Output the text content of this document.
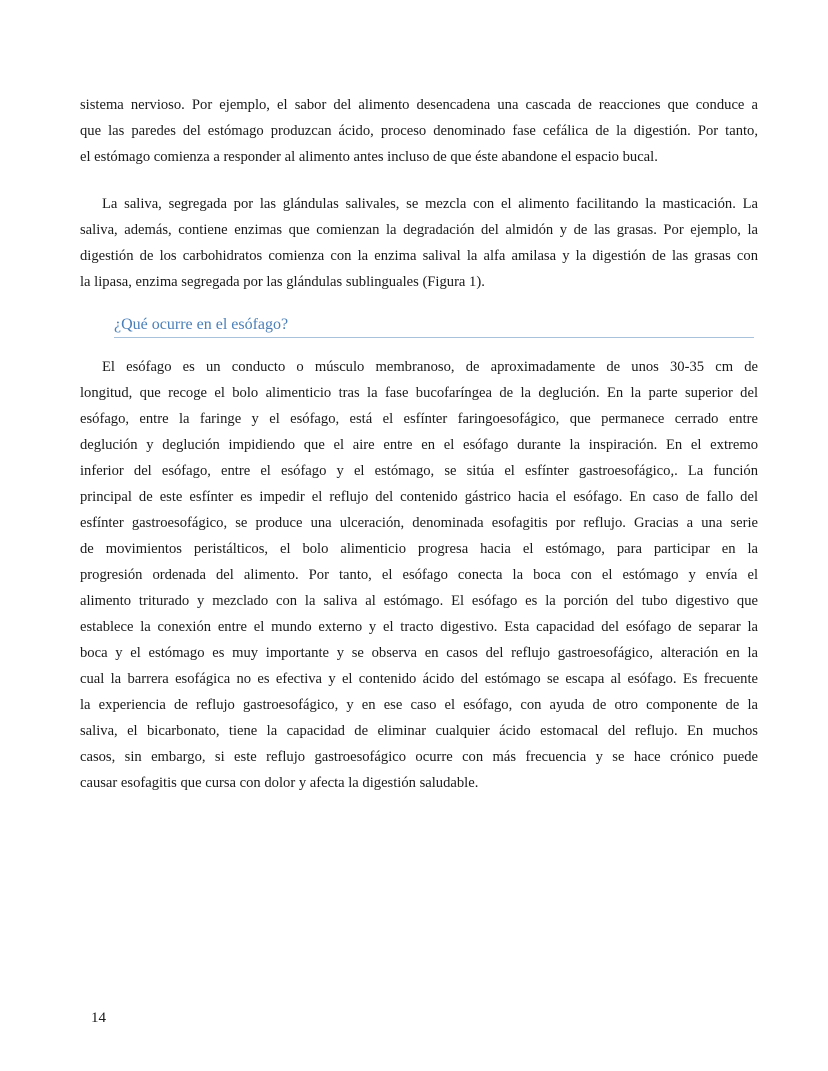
sistema nervioso. Por ejemplo, el sabor del alimento desencadena una cascada de reacciones que conduce a
que las paredes del estómago produzcan ácido, proceso denominado fase cefálica de la digestión. Por tanto,
el estómago comienza a responder al alimento antes incluso de que éste abandone el espacio bucal.
La saliva, segregada por las glándulas salivales, se mezcla con el alimento facilitando la masticación. La
saliva, además, contiene enzimas que comienzan la degradación del almidón y de las grasas. Por ejemplo, la
digestión de los carbohidratos comienza con la enzima salival la alfa amilasa y la digestión de las grasas con
la lipasa, enzima segregada por las glándulas sublinguales (Figura 1).
¿Qué ocurre en el esófago?
El esófago es un conducto o músculo membranoso, de aproximadamente de unos 30-35 cm de
longitud, que recoge el bolo alimenticio tras la fase bucofaríngea de la deglución. En la parte superior del
esófago, entre la faringe y el esófago, está el esfínter faringoesofágico, que permanece cerrado entre
deglución y deglución impidiendo que el aire entre en el esófago durante la inspiración. En el extremo
inferior del esófago, entre el esófago y el estómago, se sitúa el esfínter gastroesofágico,. La función
principal de este esfínter es impedir el reflujo del contenido gástrico hacia el esófago. En caso de fallo del
esfínter gastroesofágico, se produce una ulceración, denominada esofagitis por reflujo. Gracias a una serie
de movimientos peristálticos, el bolo alimenticio progresa hacia el estómago, para participar en la
progresión ordenada del alimento. Por tanto, el esófago conecta la boca con el estómago y envía el
alimento triturado y mezclado con la saliva al estómago. El esófago es la porción del tubo digestivo que
establece la conexión entre el mundo externo y el tracto digestivo. Esta capacidad del esófago de separar la
boca y el estómago es muy importante y se observa en casos del reflujo gastroesofágico, alteración en la
cual la barrera esofágica no es efectiva y el contenido ácido del estómago se escapa al esófago. Es frecuente
la experiencia de reflujo gastroesofágico, y en ese caso el esófago, con ayuda de otro componente de la
saliva, el bicarbonato, tiene la capacidad de eliminar cualquier ácido estomacal del reflujo. En muchos
casos, sin embargo, si este reflujo gastroesofágico ocurre con más frecuencia y se hace crónico puede
causar esofagitis que cursa con dolor y afecta la digestión saludable.
14
